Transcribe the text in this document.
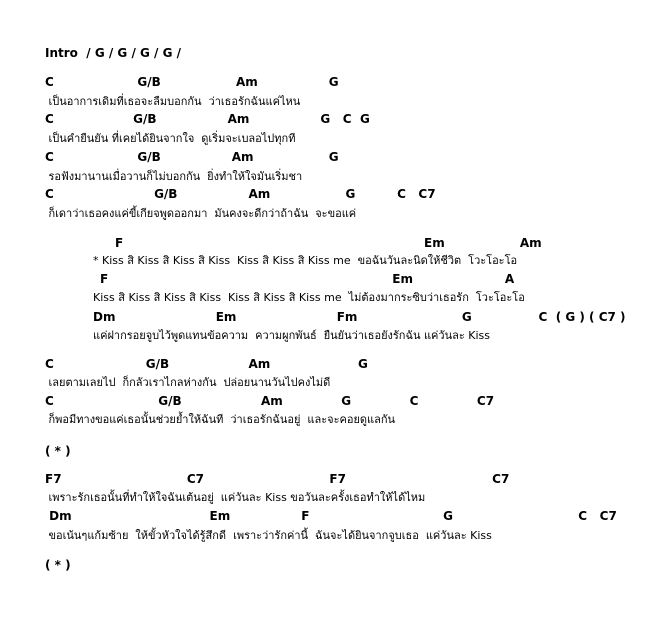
Intro  / G / G / G / G /
C                    G/B                  Am                 G
เป็นอาการเดิมที่เธอจะลืมบอกกัน  ว่าเธอรักฉันแค่ไหน
C                   G/B                 Am                 G   C  G
เป็นคำยืนยัน ที่เคยได้ยินจากใจ  ดูเริ่มจะเบลอไปทุกที
C                    G/B                 Am                  G
รอฟังมานานเมื่อวานก็ไม่บอกกัน  ยิ่งทำให้ใจมันเริ่มชา
C                        G/B                 Am                  G          C   C7
ก็เดาว่าเธอคงแค่ขี้เกียจพูดออกมา  มันคงจะดีกว่าถ้าฉัน  จะขอแค่
F                                                                        Em                  Am
* Kiss สิ Kiss สิ Kiss สิ Kiss  Kiss สิ Kiss สิ Kiss me  ขอฉันวันละนิดให้ชีวิต  โวะโอะโอ
F                                                                    Em                      A
Kiss สิ Kiss สิ Kiss สิ Kiss  Kiss สิ Kiss สิ Kiss me  ไม่ต้องมากระซิบว่าเธอรัก  โวะโอะโอ
Dm                        Em                        Fm                         G                C  ( G ) ( C7 )
แค่ฝากรอยจูบไว้พูดแทนข้อความ  ความผูกพันธ์  ยืนยันว่าเธอยังรักฉัน แค่วันละ Kiss
C                      G/B                   Am                     G
เลยตามเลยไป  ก็กลัวเราไกลห่างกัน  ปล่อยนานวันไปคงไม่ดี
C                         G/B                   Am              G              C              C7
ก็พอมีทางขอแค่เธอนั้นช่วยย้ำให้ฉันที  ว่าเธอรักฉันอยู่  และจะคอยดูแลกัน
( * )
F7                              C7                              F7                                   C7
เพราะรักเธอนั้นที่ทำให้ใจฉันเต้นอยู่  แค่วันละ Kiss ขอวันละครั้งเธอทำให้ได้ไหม
Dm                                 Em                 F                                G                              C   C7
ขอเน้นๆแก้มซ้าย  ให้ขั้วหัวใจได้รู้สึกดี  เพราะว่ารักค่านี้  ฉันจะได้ยินจากจูบเธอ  แค่วันละ Kiss
( * )
